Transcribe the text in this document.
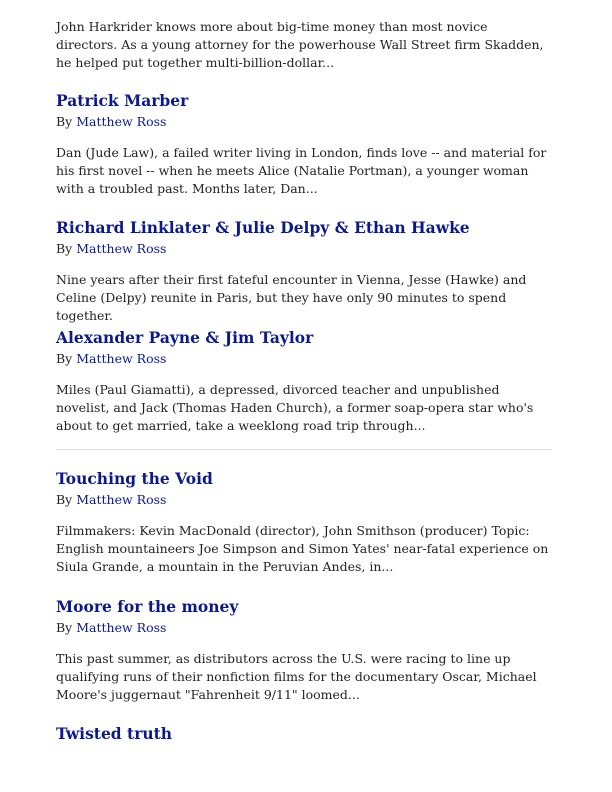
John Harkrider knows more about big-time money than most novice directors. As a young attorney for the powerhouse Wall Street firm Skadden, he helped put together multi-billion-dollar...

Patrick Marber

By Matthew Ross

Dan (Jude Law), a failed writer living in London, finds love -- and material for his first novel -- when he meets Alice (Natalie Portman), a younger woman with a troubled past. Months later, Dan...

Richard Linklater & Julie Delpy & Ethan Hawke

By Matthew Ross

Nine years after their first fateful encounter in Vienna, Jesse (Hawke) and Celine (Delpy) reunite in Paris, but they have only 90 minutes to spend together.

Alexander Payne & Jim Taylor

By Matthew Ross

Miles (Paul Giamatti), a depressed, divorced teacher and unpublished novelist, and Jack (Thomas Haden Church), a former soap-opera star who's about to get married, take a weeklong road trip through...

Touching the Void

By Matthew Ross

Filmmakers: Kevin MacDonald (director), John Smithson (producer) Topic: English mountaineers Joe Simpson and Simon Yates' near-fatal experience on Siula Grande, a mountain in the Peruvian Andes, in...

Moore for the money

By Matthew Ross

This past summer, as distributors across the U.S. were racing to line up qualifying runs of their nonfiction films for the documentary Oscar, Michael Moore's juggernaut "Fahrenheit 9/11" loomed...

Twisted truth
